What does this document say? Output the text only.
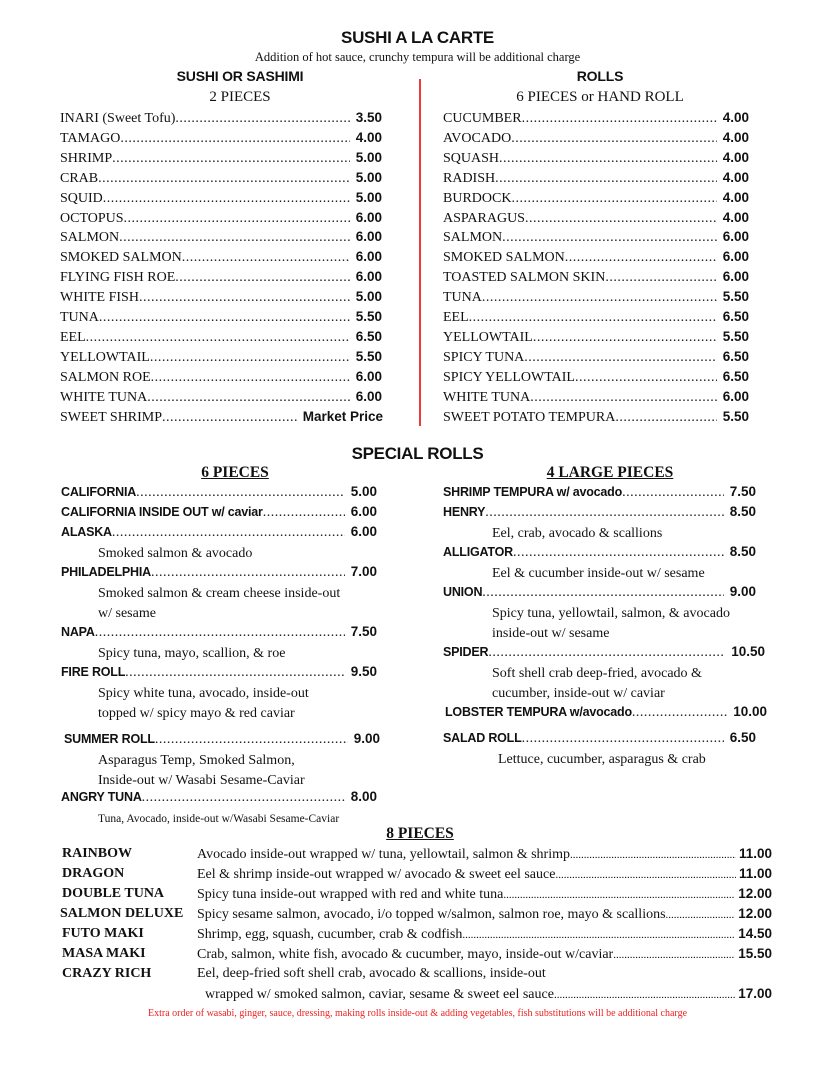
SUSHI A LA CARTE
Addition of hot sauce, crunchy tempura will be additional charge
SUSHI OR SASHIMI
2 PIECES
ROLLS
6 PIECES or HAND ROLL
INARI (Sweet Tofu) .....	3.50
TAMAGO .....	4.00
SHRIMP .....	5.00
CRAB .....	5.00
SQUID .....	5.00
OCTOPUS .....	6.00
SALMON .....	6.00
SMOKED SALMON .....	6.00
FLYING FISH ROE .....	6.00
WHITE FISH .....	5.00
TUNA .....	5.50
EEL .....	6.50
YELLOWTAIL .....	5.50
SALMON ROE .....	6.00
WHITE TUNA .....	6.00
SWEET SHRIMP .....	Market Price
CUCUMBER .....	4.00
AVOCADO .....	4.00
SQUASH .....	4.00
RADISH .....	4.00
BURDOCK .....	4.00
ASPARAGUS .....	4.00
SALMON .....	6.00
SMOKED SALMON .....	6.00
TOASTED SALMON SKIN .....	6.00
TUNA .....	5.50
EEL .....	6.50
YELLOWTAIL .....	5.50
SPICY TUNA .....	6.50
SPICY YELLOWTAIL .....	6.50
WHITE TUNA .....	6.00
SWEET POTATO TEMPURA .....	5.50
SPECIAL ROLLS
6 PIECES	4 LARGE PIECES
CALIFORNIA .....	5.00
CALIFORNIA INSIDE OUT w/ caviar .....	6.00
ALASKA .....	6.00
Smoked salmon & avocado
PHILADELPHIA .....	7.00
Smoked salmon & cream cheese inside-out
w/ sesame
NAPA .....	7.50
Spicy tuna, mayo, scallion, & roe
FIRE ROLL .....	9.50
Spicy white tuna, avocado, inside-out
topped w/ spicy mayo & red caviar
SUMMER ROLL .....	9.00
Asparagus Temp, Smoked Salmon,
Inside-out w/ Wasabi Sesame-Caviar
ANGRY TUNA .....	8.00
Tuna, Avocado, inside-out w/Wasabi Sesame-Caviar
SHRIMP TEMPURA w/ avocado .....	7.50
HENRY .....	8.50
Eel, crab, avocado & scallions
ALLIGATOR .....	8.50
Eel & cucumber inside-out w/ sesame
UNION .....	9.00
Spicy tuna, yellowtail, salmon, & avocado
inside-out w/ sesame
SPIDER .....	10.50
Soft shell crab deep-fried, avocado &
cucumber, inside-out w/ caviar
LOBSTER TEMPURA w/avocado .....	10.00
SALAD ROLL .....	6.50
Lettuce, cucumber, asparagus & crab
8 PIECES
RAINBOW	Avocado inside-out wrapped w/ tuna, yellowtail, salmon & shrimp .....	11.00
DRAGON	Eel & shrimp inside-out wrapped w/ avocado & sweet eel sauce .....	11.00
DOUBLE TUNA Spicy tuna inside-out wrapped with red and white tuna .....	12.00
SALMON DELUXE Spicy sesame salmon, avocado, i/o topped w/salmon, salmon roe, mayo & scallions .....	12.00
FUTO MAKI	Shrimp, egg, squash, cucumber, crab & codfish .....	14.50
MASA MAKI	Crab, salmon, white fish, avocado & cucumber, mayo, inside-out w/caviar .....	15.50
CRAZY RICH	Eel, deep-fried soft shell crab, avocado & scallions, inside-out
wrapped w/ smoked salmon, caviar, sesame & sweet eel sauce .....	17.00
Extra order of wasabi, ginger, sauce, dressing, making rolls inside-out & adding vegetables, fish substitutions will be additional charge
